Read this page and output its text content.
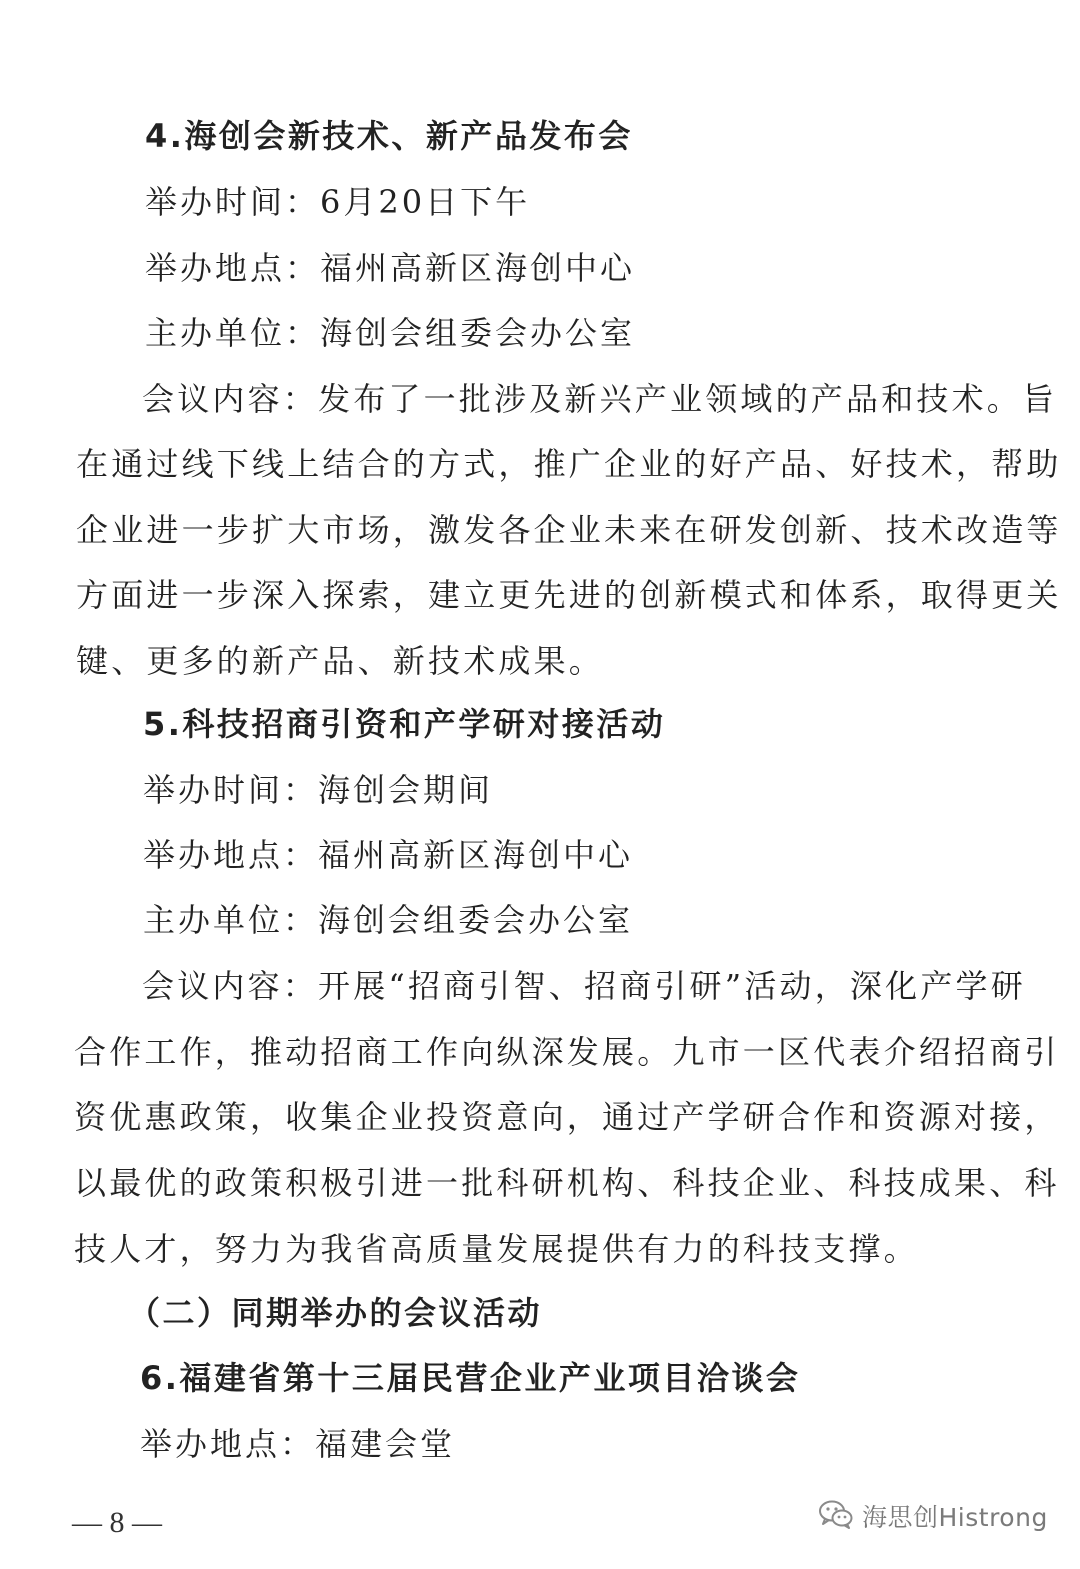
4.海创会新技术、新产品发布会
举办时间：6月20日下午
举办地点：福州高新区海创中心
主办单位：海创会组委会办公室
会议内容：发布了一批涉及新兴产业领域的产品和技术。旨
在通过线下线上结合的方式，推广企业的好产品、好技术，帮助
企业进一步扩大市场，激发各企业未来在研发创新、技术改造等
方面进一步深入探索，建立更先进的创新模式和体系，取得更关
键、更多的新产品、新技术成果。
5.科技招商引资和产学研对接活动
举办时间：海创会期间
举办地点：福州高新区海创中心
主办单位：海创会组委会办公室
会议内容：开展“招商引智、招商引研”活动，深化产学研
合作工作，推动招商工作向纵深发展。九市一区代表介绍招商引
资优惠政策，收集企业投资意向，通过产学研合作和资源对接，
以最优的政策积极引进一批科研机构、科技企业、科技成果、科
技人才，努力为我省高质量发展提供有力的科技支撑。
（二）同期举办的会议活动
6.福建省第十三届民营企业产业项目洽谈会
举办地点：福建会堂
— 8 —	海思创Histrong
